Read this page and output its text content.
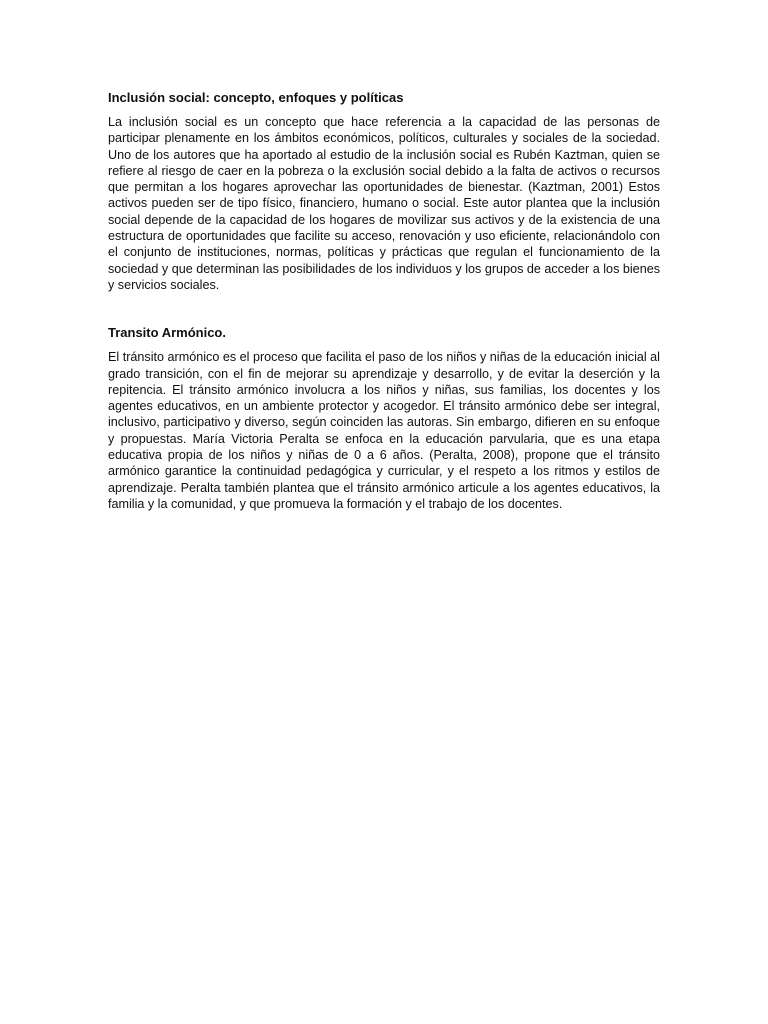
Inclusión social: concepto, enfoques y políticas

La inclusión social es un concepto que hace referencia a la capacidad de las personas de participar plenamente en los ámbitos económicos, políticos, culturales y sociales de la sociedad. Uno de los autores que ha aportado al estudio de la inclusión social es Rubén Kaztman, quien se refiere al riesgo de caer en la pobreza o la exclusión social debido a la falta de activos o recursos que permitan a los hogares aprovechar las oportunidades de bienestar. (Kaztman, 2001) Estos activos pueden ser de tipo físico, financiero, humano o social. Este autor plantea que la inclusión social depende de la capacidad de los hogares de movilizar sus activos y de la existencia de una estructura de oportunidades que facilite su acceso, renovación y uso eficiente, relacionándolo con el conjunto de instituciones, normas, políticas y prácticas que regulan el funcionamiento de la sociedad y que determinan las posibilidades de los individuos y los grupos de acceder a los bienes y servicios sociales.

Transito Armónico.

El tránsito armónico es el proceso que facilita el paso de los niños y niñas de la educación inicial al grado transición, con el fin de mejorar su aprendizaje y desarrollo, y de evitar la deserción y la repitencia. El tránsito armónico involucra a los niños y niñas, sus familias, los docentes y los agentes educativos, en un ambiente protector y acogedor. El tránsito armónico debe ser integral, inclusivo, participativo y diverso, según coinciden las autoras. Sin embargo, difieren en su enfoque y propuestas. María Victoria Peralta se enfoca en la educación parvularia, que es una etapa educativa propia de los niños y niñas de 0 a 6 años. (Peralta, 2008), propone que el tránsito armónico garantice la continuidad pedagógica y curricular, y el respeto a los ritmos y estilos de aprendizaje. Peralta también plantea que el tránsito armónico articule a los agentes educativos, la familia y la comunidad, y que promueva la formación y el trabajo de los docentes.
